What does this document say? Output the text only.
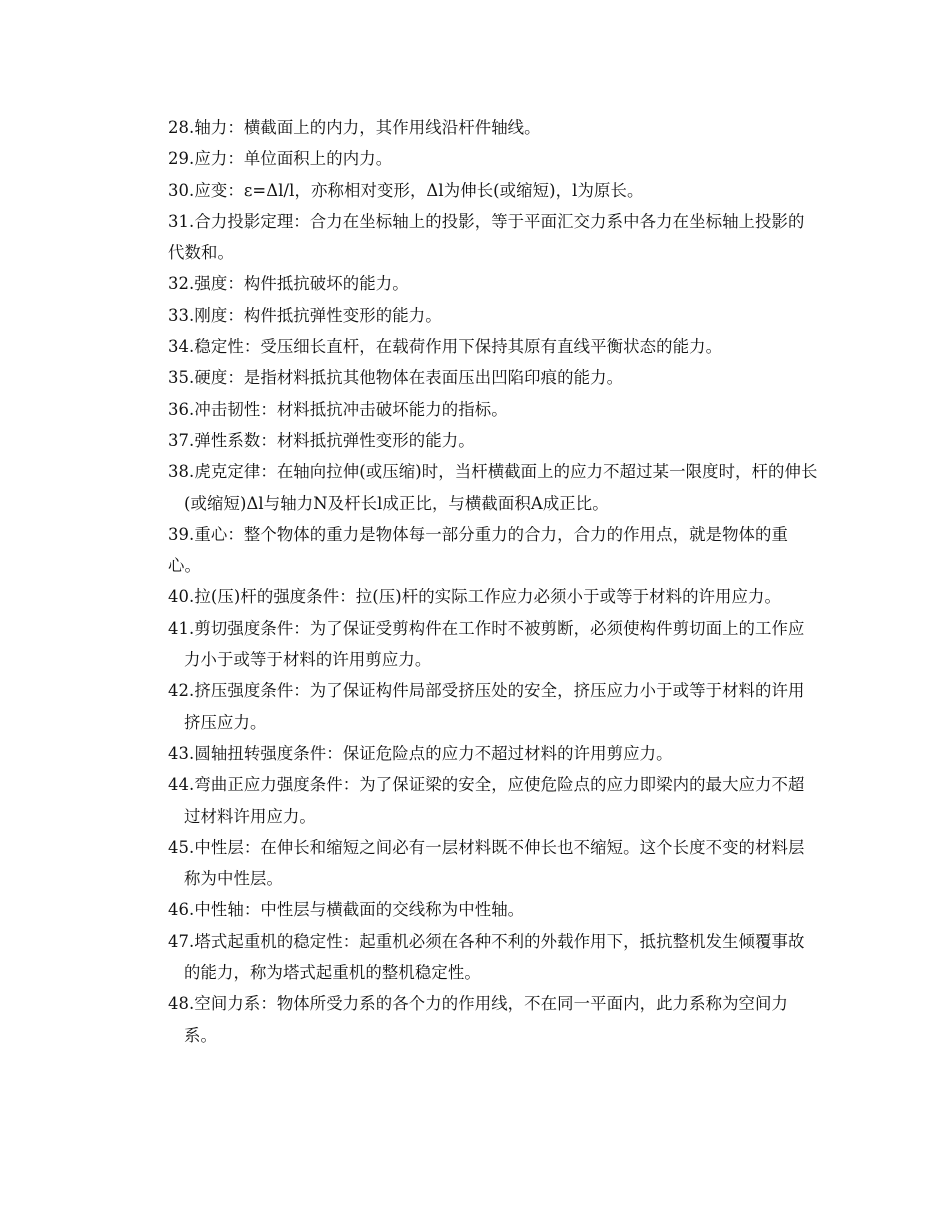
28.轴力：横截面上的内力，其作用线沿杆件轴线。

29.应力：单位面积上的内力。

30.应变：ε=Δl/l，亦称相对变形，Δl为伸长(或缩短)，l为原长。

31.合力投影定理：合力在坐标轴上的投影，等于平面汇交力系中各力在坐标轴上投影的代数和。

32.强度：构件抵抗破坏的能力。

33.刚度：构件抵抗弹性变形的能力。

34.稳定性：受压细长直杆，在载荷作用下保持其原有直线平衡状态的能力。

35.硬度：是指材料抵抗其他物体在表面压出凹陷印痕的能力。

36.冲击韧性：材料抵抗冲击破坏能力的指标。

37.弹性系数：材料抵抗弹性变形的能力。

38.虎克定律：在轴向拉伸(或压缩)时，当杆横截面上的应力不超过某一限度时，杆的伸长(或缩短)Δl与轴力N及杆长l成正比，与横截面积A成正比。

39.重心：整个物体的重力是物体每一部分重力的合力，合力的作用点，就是物体的重心。

40.拉(压)杆的强度条件：拉(压)杆的实际工作应力必须小于或等于材料的许用应力。

41.剪切强度条件：为了保证受剪构件在工作时不被剪断，必须使构件剪切面上的工作应力小于或等于材料的许用剪应力。

42.挤压强度条件：为了保证构件局部受挤压处的安全，挤压应力小于或等于材料的许用挤压应力。

43.圆轴扭转强度条件：保证危险点的应力不超过材料的许用剪应力。

44.弯曲正应力强度条件：为了保证梁的安全，应使危险点的应力即梁内的最大应力不超过材料许用应力。

45.中性层：在伸长和缩短之间必有一层材料既不伸长也不缩短。这个长度不变的材料层称为中性层。

46.中性轴：中性层与横截面的交线称为中性轴。

47.塔式起重机的稳定性：起重机必须在各种不利的外载作用下，抵抗整机发生倾覆事故的能力，称为塔式起重机的整机稳定性。

48.空间力系：物体所受力系的各个力的作用线，不在同一平面内，此力系称为空间力系。
